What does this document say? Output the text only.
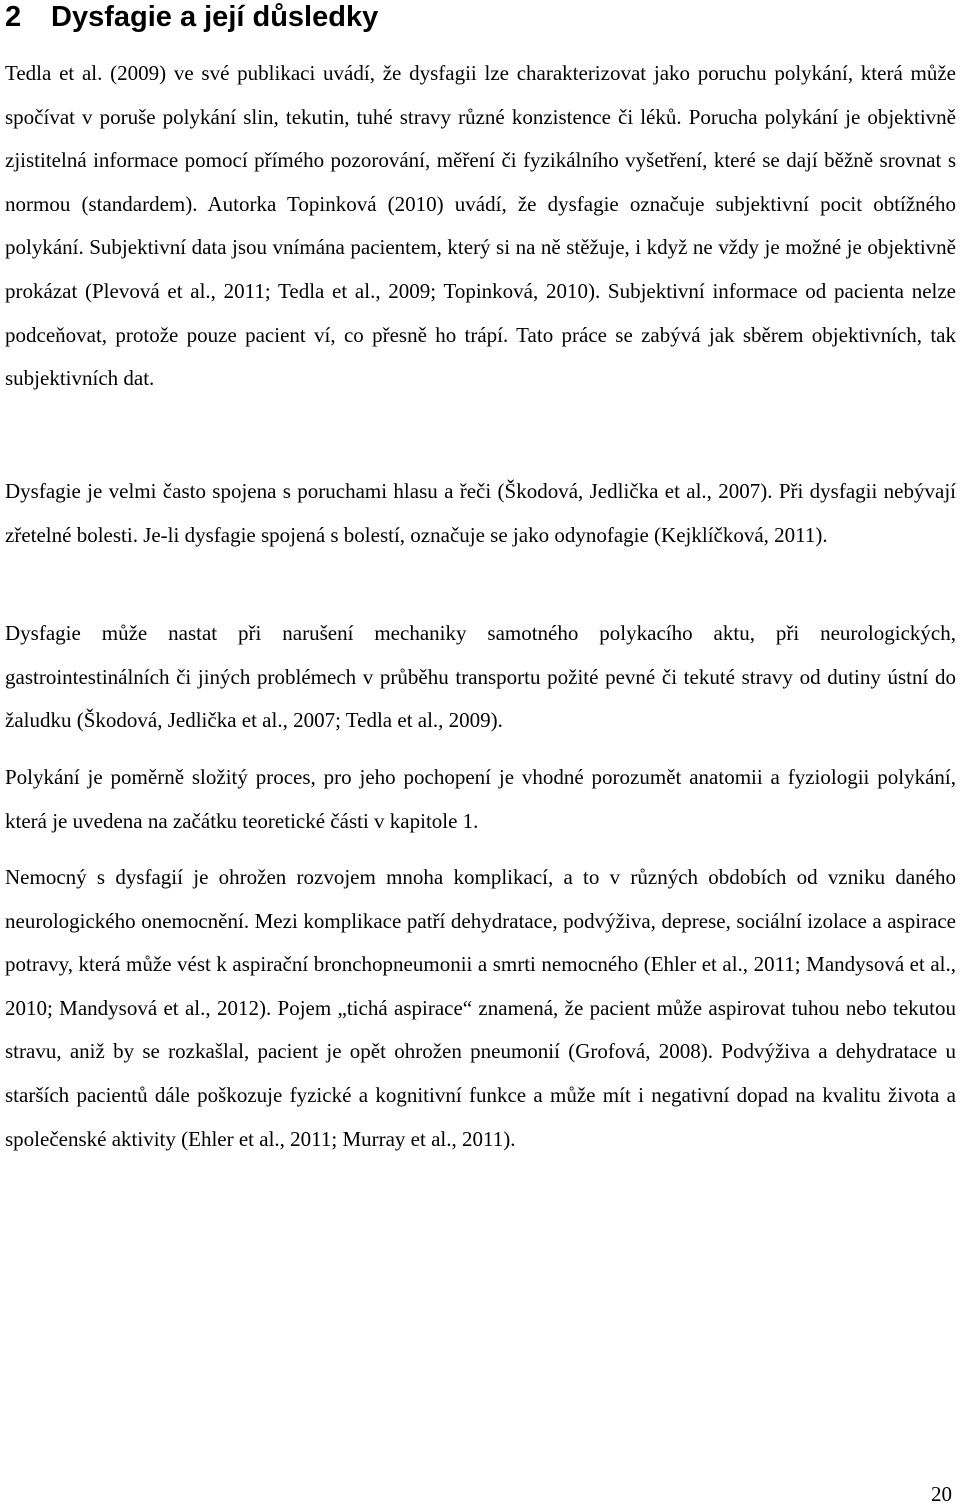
2 Dysfagie a její důsledky

Tedla et al. (2009) ve své publikaci uvádí, že dysfagii lze charakterizovat jako poruchu polykání, která může spočívat v poruše polykání slin, tekutin, tuhé stravy různé konzistence či léků. Porucha polykání je objektivně zjistitelná informace pomocí přímého pozorování, měření či fyzikálního vyšetření, které se dají běžně srovnat s normou (standardem). Autorka Topinková (2010) uvádí, že dysfagie označuje subjektivní pocit obtížného polykání. Subjektivní data jsou vnímána pacientem, který si na ně stěžuje, i když ne vždy je možné je objektivně prokázat (Plevová et al., 2011; Tedla et al., 2009; Topinková, 2010). Subjektivní informace od pacienta nelze podceňovat, protože pouze pacient ví, co přesně ho trápí. Tato práce se zabývá jak sběrem objektivních, tak subjektivních dat.

Dysfagie je velmi často spojena s poruchami hlasu a řeči (Škodová, Jedlička et al., 2007). Při dysfagii nebývají zřetelné bolesti. Je-li dysfagie spojená s bolestí, označuje se jako odynofagie (Kejklíčková, 2011).

Dysfagie může nastat při narušení mechaniky samotného polykacího aktu, při neurologických, gastrointestinálních či jiných problémech v průběhu transportu požité pevné či tekuté stravy od dutiny ústní do žaludku (Škodová, Jedlička et al., 2007; Tedla et al., 2009).

Polykání je poměrně složitý proces, pro jeho pochopení je vhodné porozumět anatomii a fyziologii polykání, která je uvedena na začátku teoretické části v kapitole 1.

Nemocný s dysfagií je ohrožen rozvojem mnoha komplikací, a to v různých obdobích od vzniku daného neurologického onemocnění. Mezi komplikace patří dehydratace, podvýživa, deprese, sociální izolace a aspirace potravy, která může vést k aspirační bronchopneumonii a smrti nemocného (Ehler et al., 2011; Mandysová et al., 2010; Mandysová et al., 2012). Pojem „tichá aspirace“ znamená, že pacient může aspirovat tuhou nebo tekutou stravu, aniž by se rozkašlal, pacient je opět ohrožen pneumonií (Grofová, 2008). Podvýživa a dehydratace u starších pacientů dále poškozuje fyzické a kognitivní funkce a může mít i negativní dopad na kvalitu života a společenské aktivity (Ehler et al., 2011; Murray et al., 2011).

20
